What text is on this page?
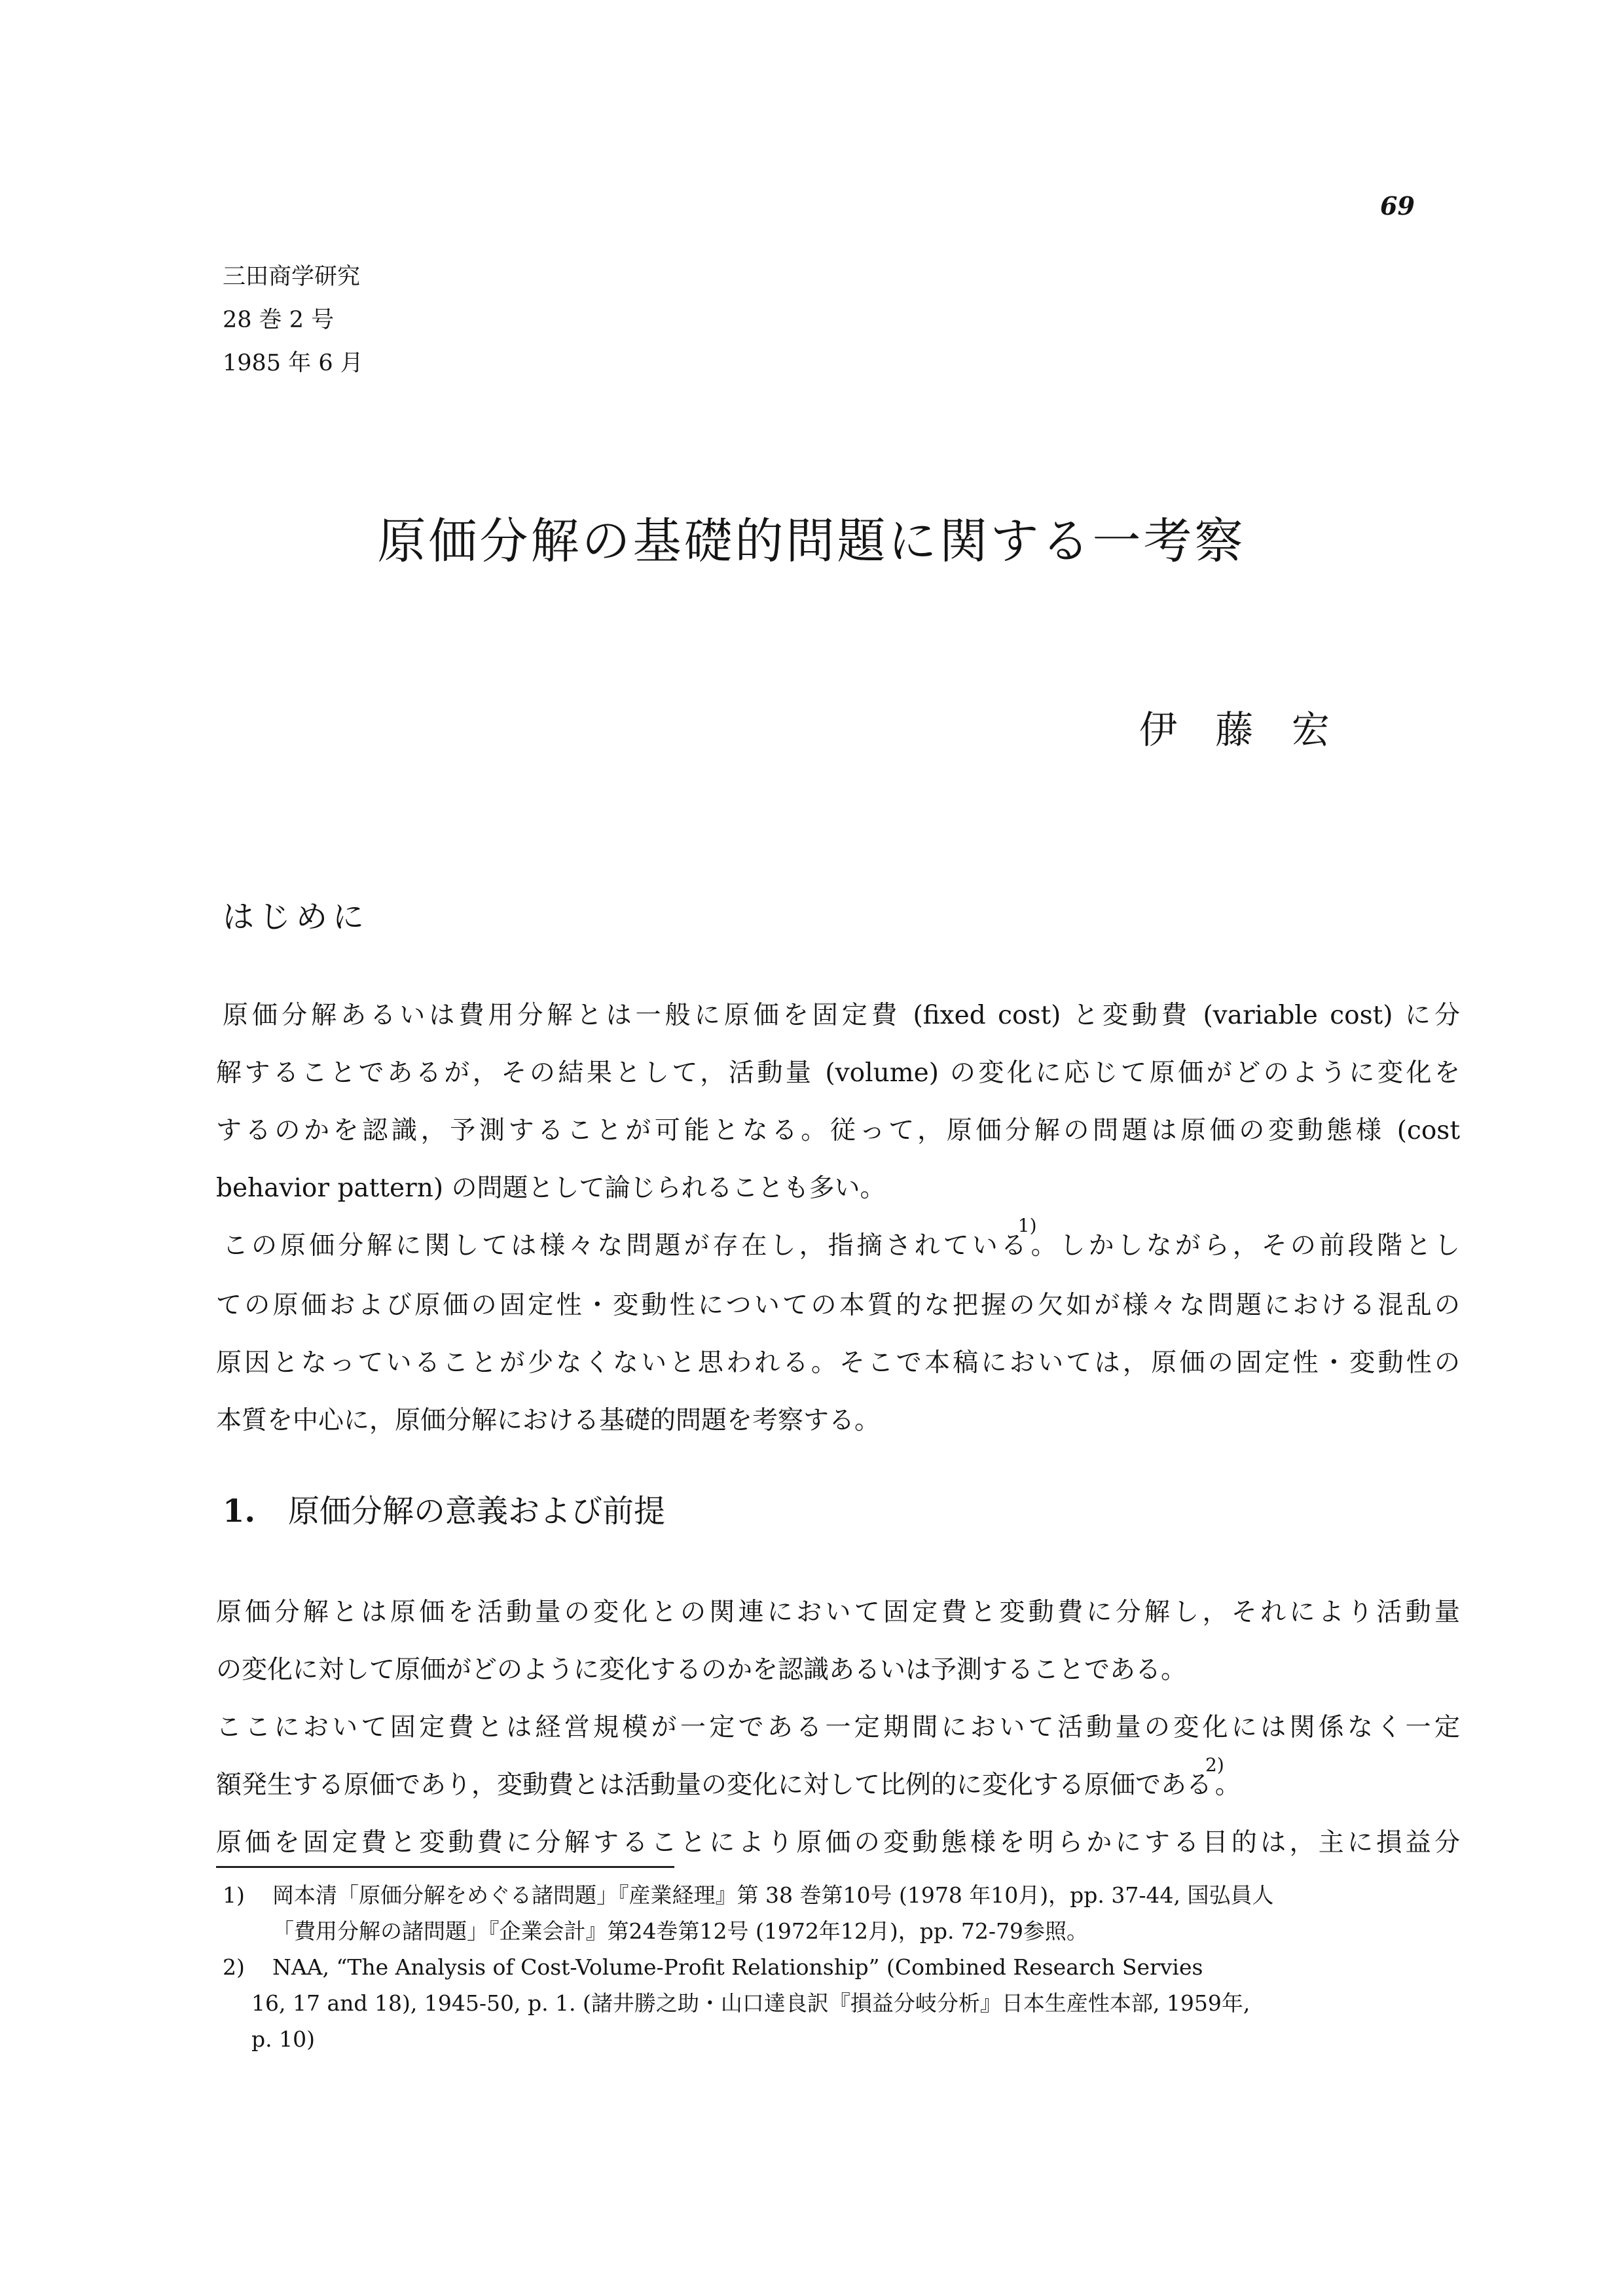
69
三田商学研究
28 巻 2 号
1985 年 6 月
原価分解の基礎的問題に関する一考察
伊 藤 宏
はじめに
原価分解あるいは費用分解とは一般に原価を固定費 (fixed cost) と変動費 (variable cost) に分
解することであるが，その結果として，活動量 (volume) の変化に応じて原価がどのように変化を
するのかを認識，予測することが可能となる。従って，原価分解の問題は原価の変動態様 (cost
behavior pattern) の問題として論じられることも多い。
この原価分解に関しては様々な問題が存在し，指摘されている$^{1)}$。しかしながら，その前段階とし
ての原価および原価の固定性・変動性についての本質的な把握の欠如が様々な問題における混乱の
原因となっていることが少なくないと思われる。そこで本稿においては，原価の固定性・変動性の
本質を中心に，原価分解における基礎的問題を考察する。
1. 原価分解の意義および前提
原価分解とは原価を活動量の変化との関連において固定費と変動費に分解し，それにより活動量
の変化に対して原価がどのように変化するのかを認識あるいは予測することである。
ここにおいて固定費とは経営規模が一定である一定期間において活動量の変化には関係なく一定
額発生する原価であり，変動費とは活動量の変化に対して比例的に変化する原価である$^{2)}$。
原価を固定費と変動費に分解することにより原価の変動態様を明らかにする目的は，主に損益分
1) 岡本清「原価分解をめぐる諸問題」『産業経理』第 38 巻第10号 (1978 年10月)，pp. 37-44, 国弘員人
「費用分解の諸問題」『企業会計』第24巻第12号 (1972年12月)，pp. 72-79参照。
2) NAA, “The Analysis of Cost-Volume-Profit Relationship” (Combined Research Servies
16, 17 and 18), 1945-50, p. 1. (諸井勝之助・山口達良訳『損益分岐分析』日本生産性本部, 1959年,
p. 10)
